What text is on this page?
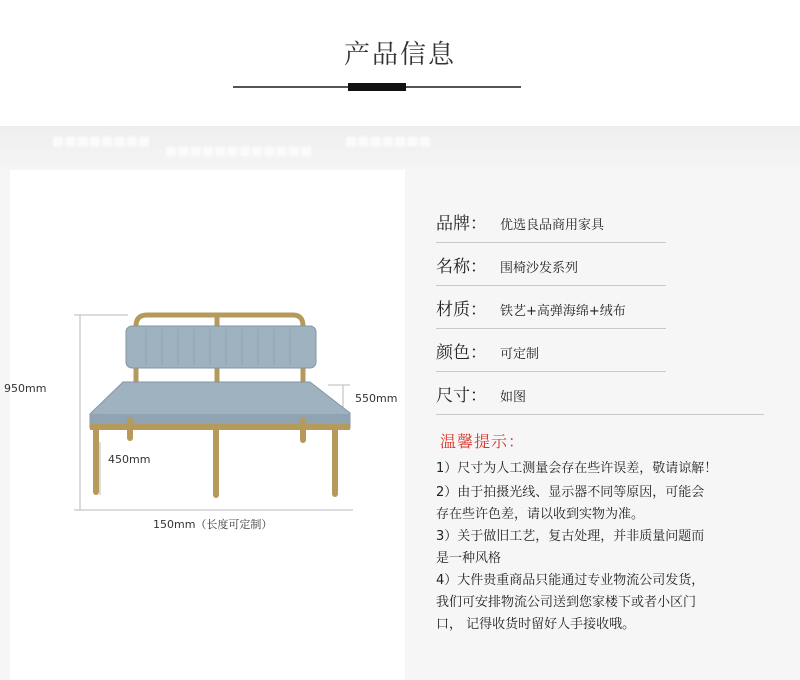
产品信息
■■■■■■■■
■■■■■■■■■■■■
■■■■■■■
950mm
550mm
450mm
150mm（长度可定制）
品牌： 优选良品商用家具
名称： 围椅沙发系列
材质： 铁艺+高弹海绵+绒布
颜色： 可定制
尺寸： 如图
温馨提示：
1）尺寸为人工测量会存在些许误差，敬请谅解！
2）由于拍摄光线、显示器不同等原因，可能会
存在些许色差，请以收到实物为准。
3）关于做旧工艺，复古处理，并非质量问题而
是一种风格
4）大件贵重商品只能通过专业物流公司发货，
我们可安排物流公司送到您家楼下或者小区门
口， 记得收货时留好人手接收哦。
